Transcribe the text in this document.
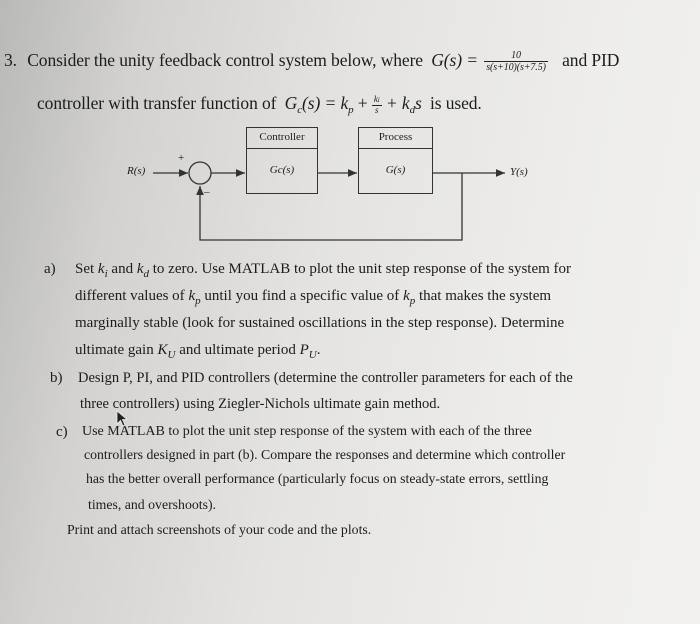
3. Consider the unity feedback control system below, where $G(s) = \frac{10}{s(s+10)(s+7.5)}$ and PID
controller with transfer function of $G_c(s) = k_p + \frac{ki}{s} + k_ds$ is used.
Controller
Gc(s)
Process
G(s)
R(s)
+
–
Y(s)
a) Set $k_i$ and $k_d$ to zero. Use MATLAB to plot the unit step response of the system for
different values of $k_p$ until you find a specific value of $k_p$ that makes the system
marginally stable (look for sustained oscillations in the step response). Determine
ultimate gain $K_U$ and ultimate period $P_U$.
b) Design P, PI, and PID controllers (determine the controller parameters for each of the
three controllers) using Ziegler-Nichols ultimate gain method.
c) Use MATLAB to plot the unit step response of the system with each of the three
controllers designed in part (b). Compare the responses and determine which controller
has the better overall performance (particularly focus on steady-state errors, settling
times, and overshoots).
Print and attach screenshots of your code and the plots.
